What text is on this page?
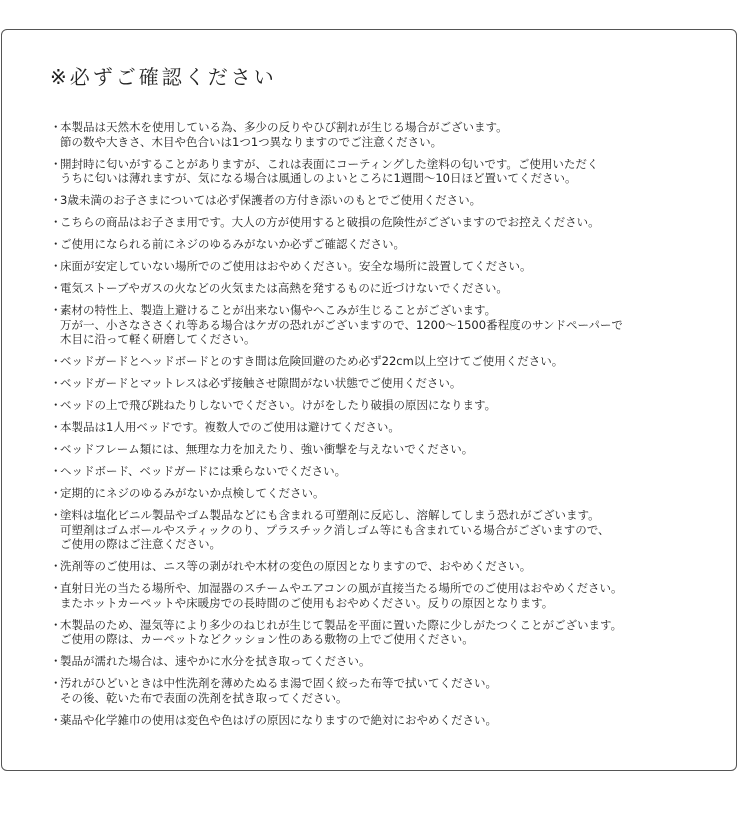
※必ずご確認ください
・
本製品は天然木を使用している為、多少の反りやひび割れが生じる場合がございます。
節の数や大きさ、木目や色合いは1つ1つ異なりますのでご注意ください。
・
開封時に匂いがすることがありますが、これは表面にコーティングした塗料の匂いです。ご使用いただく
うちに匂いは薄れますが、気になる場合は風通しのよいところに1週間〜10日ほど置いてください。
・
3歳未満のお子さまについては必ず保護者の方付き添いのもとでご使用ください。
・
こちらの商品はお子さま用です。大人の方が使用すると破損の危険性がございますのでお控えください。
・
ご使用になられる前にネジのゆるみがないか必ずご確認ください。
・
床面が安定していない場所でのご使用はおやめください。安全な場所に設置してください。
・
電気ストーブやガスの火などの火気または高熱を発するものに近づけないでください。
・
素材の特性上、製造上避けることが出来ない傷やへこみが生じることがございます。
万が一、小さなささくれ等ある場合はケガの恐れがございますので、1200〜1500番程度のサンドペーパーで
木目に沿って軽く研磨してください。
・
ベッドガードとヘッドボードとのすき間は危険回避のため必ず22cm以上空けてご使用ください。
・
ベッドガードとマットレスは必ず接触させ隙間がない状態でご使用ください。
・
ベッドの上で飛び跳ねたりしないでください。けがをしたり破損の原因になります。
・
本製品は1人用ベッドです。複数人でのご使用は避けてください。
・
ベッドフレーム類には、無理な力を加えたり、強い衝撃を与えないでください。
・
ヘッドボード、ベッドガードには乗らないでください。
・
定期的にネジのゆるみがないか点検してください。
・
塗料は塩化ビニル製品やゴム製品などにも含まれる可塑剤に反応し、溶解してしまう恐れがございます。
可塑剤はゴムボールやスティックのり、プラスチック消しゴム等にも含まれている場合がございますので、
ご使用の際はご注意ください。
・
洗剤等のご使用は、ニス等の剥がれや木材の変色の原因となりますので、おやめください。
・
直射日光の当たる場所や、加湿器のスチームやエアコンの風が直接当たる場所でのご使用はおやめください。
またホットカーペットや床暖房での長時間のご使用もおやめください。反りの原因となります。
・
木製品のため、湿気等により多少のねじれが生じて製品を平面に置いた際に少しがたつくことがございます。
ご使用の際は、カーペットなどクッション性のある敷物の上でご使用ください。
・
製品が濡れた場合は、速やかに水分を拭き取ってください。
・
汚れがひどいときは中性洗剤を薄めたぬるま湯で固く絞った布等で拭いてください。
その後、乾いた布で表面の洗剤を拭き取ってください。
・
薬品や化学雑巾の使用は変色や色はげの原因になりますので絶対におやめください。
